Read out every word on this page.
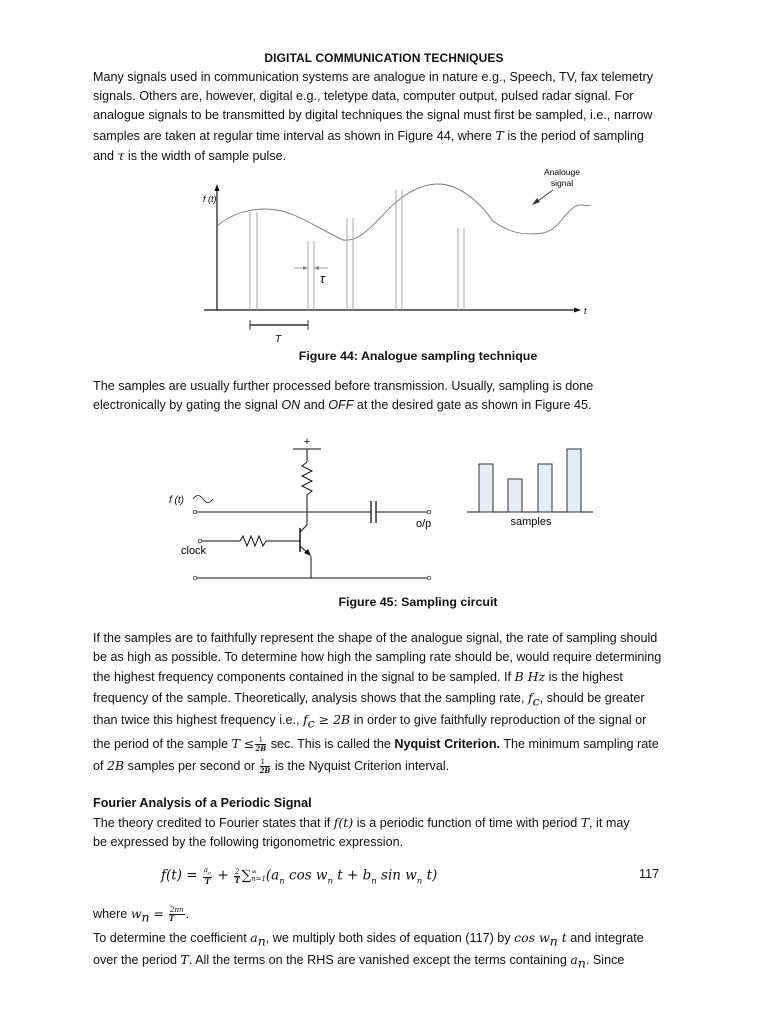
DIGITAL COMMUNICATION TECHNIQUES

Many signals used in communication systems are analogue in nature e.g., Speech, TV, fax telemetry

signals. Others are, however, digital e.g., teletype data, computer output, pulsed radar signal. For

analogue signals to be transmitted by digital techniques the signal must first be sampled, i.e., narrow

samples are taken at regular time interval as shown in Figure 44, where T is the period of sampling

and τ is the width of sample pulse.

f (t)
t
τ
T
Analouge
signal
Figure 44: Analogue sampling technique

The samples are usually further processed before transmission. Usually, sampling is done

electronically by gating the signal ON and OFF at the desired gate as shown in Figure 45.

+
f (t)
o/p
clock
samples
Figure 45: Sampling circuit

If the samples are to faithfully represent the shape of the analogue signal, the rate of sampling should

be as high as possible. To determine how high the sampling rate should be, would require determining

the highest frequency components contained in the signal to be sampled. If B Hz is the highest

frequency of the sample. Theoretically, analysis shows that the sampling rate, $f_c$, should be greater

than twice this highest frequency i.e., $f_c \ge 2B$ in order to give faithfully reproduction of the signal or

the period of the sample $T \le \frac{1}{2B} \sec$. This is called the Nyquist Criterion. The minimum sampling rate

of 2B samples per second or $\frac{1}{2B}$ is the Nyquist Criterion interval.

Fourier Analysis of a Periodic Signal

The theory credited to Fourier states that if f(t) is a periodic function of time with period T, it may

be expressed by the following trigonometric expression.

$f(t) = \frac{a_o}{T} + \frac{2}{T}$ ∑ ∞
n=1 ($a_n$ $\cos w_n$ $t + b_n$ $\sin w_n$ t)	117

where $w_n = \frac{2\pi n}{T}$ .

To determine the coefficient $a_n$, we multiply both sides of equation (117) by $\cos w_n$ t and integrate

over the period T. All the terms on the RHS are vanished except the terms containing $a_n$. Since
